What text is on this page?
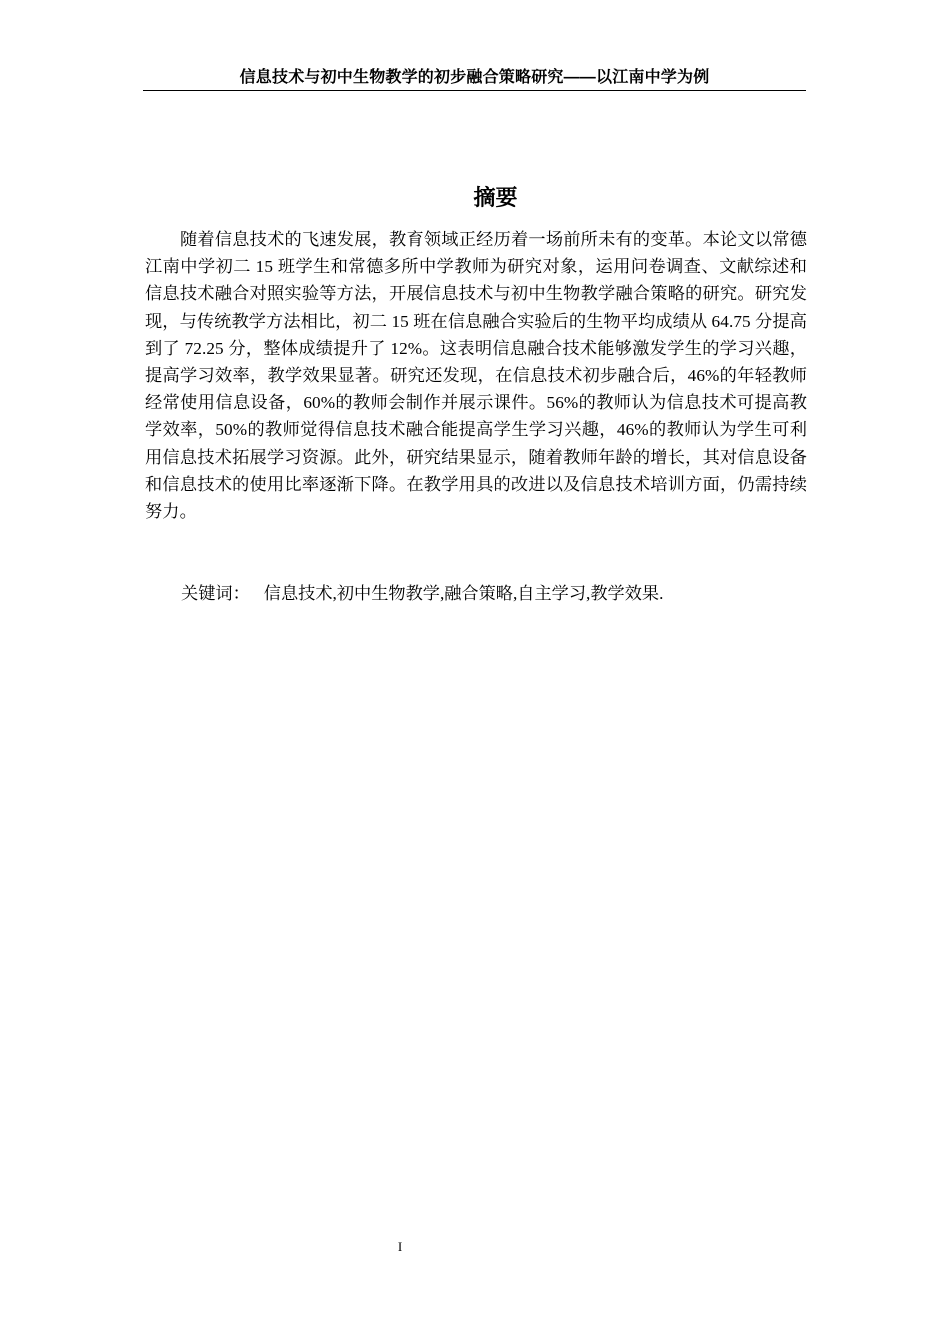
信息技术与初中生物教学的初步融合策略研究——以江南中学为例
摘要

随着信息技术的飞速发展，教育领域正经历着一场前所未有的变革。本论文以常德江南中学初二 15 班学生和常德多所中学教师为研究对象，运用问卷调查、文献综述和信息技术融合对照实验等方法，开展信息技术与初中生物教学融合策略的研究。研究发现，与传统教学方法相比，初二 15 班在信息融合实验后的生物平均成绩从 64.75 分提高到了 72.25 分，整体成绩提升了 12%。这表明信息融合技术能够激发学生的学习兴趣，提高学习效率，教学效果显著。研究还发现，在信息技术初步融合后，46%的年轻教师经常使用信息设备，60%的教师会制作并展示课件。56%的教师认为信息技术可提高教学效率，50%的教师觉得信息技术融合能提高学生学习兴趣，46%的教师认为学生可利用信息技术拓展学习资源。此外，研究结果显示，随着教师年龄的增长，其对信息设备和信息技术的使用比率逐渐下降。在教学用具的改进以及信息技术培训方面，仍需持续努力。

关键词： 信息技术,初中生物教学,融合策略,自主学习,教学效果.
I
